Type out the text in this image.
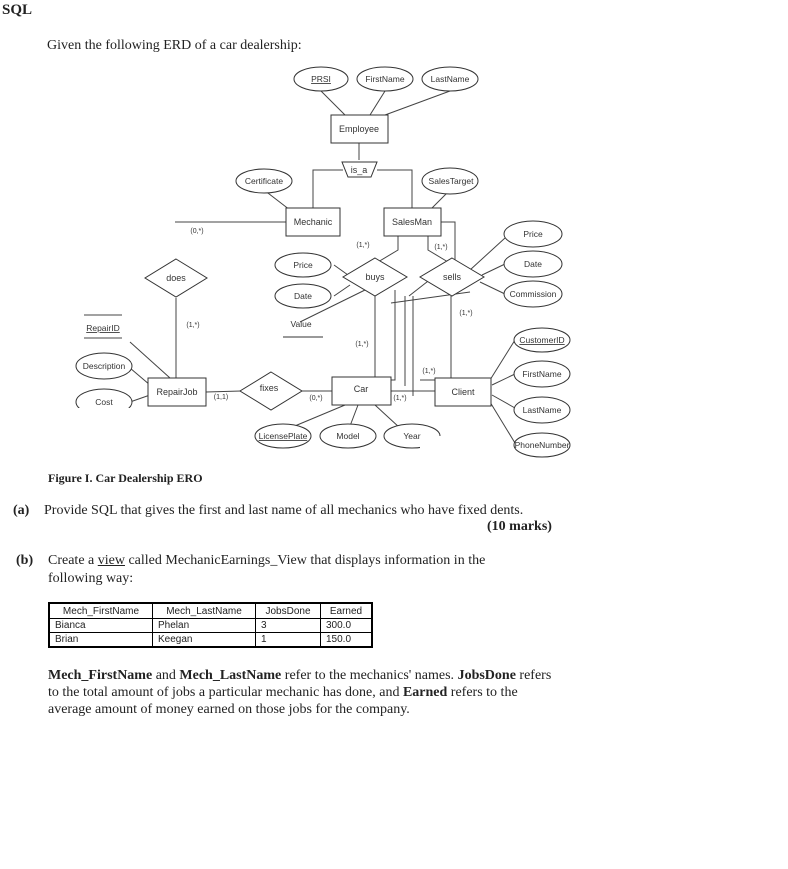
SQL
Given the following ERD of a car dealership:
Employee
Mechanic	SalesMan
RepairJob	Car	Client
is_a
does	buys	sells
fixes
PRSI	FirstName	LastName
Certificate	SalesTarget
Price
Date
Value
Price
Date
Commission
RepairID
Description
Cost
CustomerID
FirstName
LastName
PhoneNumber
LicensePlate	Model	Year
(0,*)
(1,*)
(1,1)	(0,*)
(1,*)	(1,*)
(1,*)
(1,*)
(1,*)
(1,*)
Figure I. Car Dealership ERO
(a) Provide SQL that gives the first and last name of all mechanics who have fixed dents.
(10 marks)
(b) Create a view called MechanicEarnings_View that displays information in the
following way:
Mech_FirstName	Mech_LastName	JobsDone	Earned
Bianca	Phelan	3	300.0
Brian	Keegan	1	150.0
Mech_FirstName and Mech_LastName refer to the mechanics' names. JobsDone refers to the total amount of jobs a particular mechanic has done, and Earned refers to the average amount of money earned on those jobs for the company.
